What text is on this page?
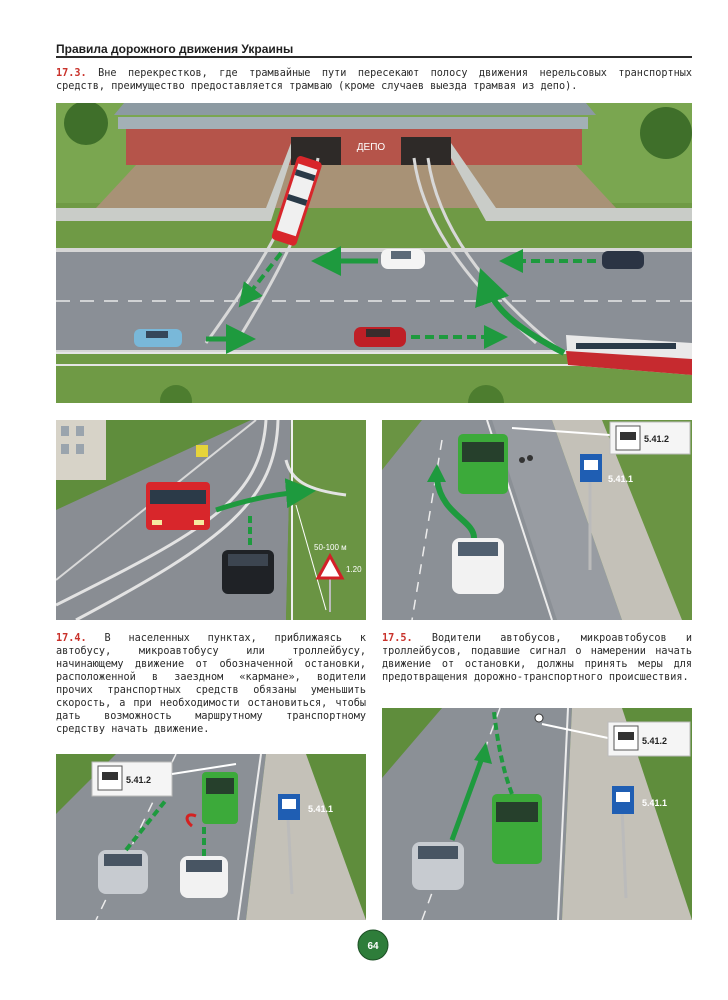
Правила дорожного движения Украины
17.3. Вне перекрестков, где трамвайные пути пересекают полосу движения нерельсовых транспортных средств, преимущество предоставляется трамваю (кроме случаев выезда трамвая из депо).
ДЕПО
50-100 м
1.20
5.41.2
5.41.1
17.4. В населенных пунктах, приближаясь к автобусу, микроавтобусу или троллейбусу, начинающему движение от обозначенной остановки, расположенной в заездном «кармане», водители прочих транспортных средств обязаны уменьшить скорость, а при необходимости остановиться, чтобы дать возможность маршрутному транспортному средству начать движение.
17.5. Водители автобусов, микроавтобусов и троллейбусов, подавшие сигнал о намерении начать движение от остановки, должны принять меры для предотвращения дорожно-транспортного происшествия.
5.41.2
5.41.1
5.41.2
5.41.1
64
